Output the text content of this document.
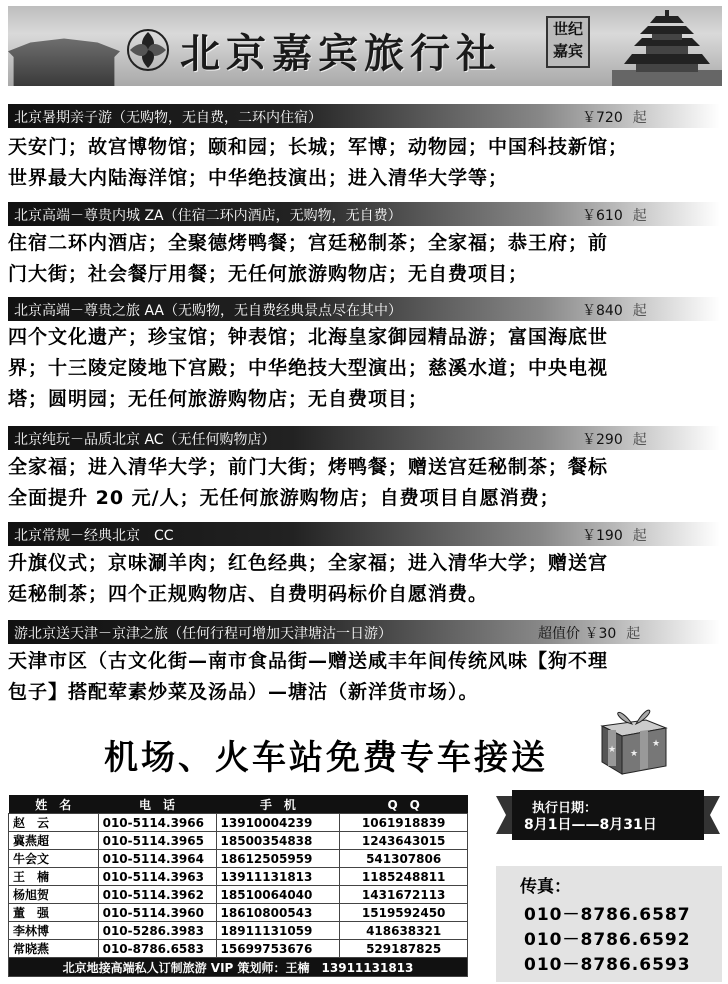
北京嘉宾旅行社
世纪
嘉宾
北京暑期亲子游（无购物，无自费，二环内住宿）	￥720 起
天安门；故宫博物馆；颐和园；长城；军博；动物园；中国科技新馆；
世界最大内陆海洋馆；中华绝技演出；进入清华大学等；
北京高端－尊贵内城 ZA（住宿二环内酒店，无购物，无自费）	￥610 起
住宿二环内酒店；全聚德烤鸭餐；宫廷秘制茶；全家福；恭王府；前
门大街；社会餐厅用餐；无任何旅游购物店；无自费项目；
北京高端－尊贵之旅 AA（无购物，无自费经典景点尽在其中）	￥840 起
四个文化遗产；珍宝馆；钟表馆；北海皇家御园精品游；富国海底世
界；十三陵定陵地下宫殿；中华绝技大型演出；慈溪水道；中央电视
塔；圆明园；无任何旅游购物店；无自费项目；
北京纯玩－品质北京 AC（无任何购物店）	￥290 起
全家福；进入清华大学；前门大街；烤鸭餐；赠送宫廷秘制茶；餐标
全面提升 20 元/人；无任何旅游购物店；自费项目自愿消费；
北京常规－经典北京　CC	￥190 起
升旗仪式；京味涮羊肉；红色经典；全家福；进入清华大学；赠送宫
廷秘制茶；四个正规购物店、自费明码标价自愿消费。
游北京送天津－京津之旅（任何行程可增加天津塘沽一日游）	超值价 ￥30 起
天津市区（古文化街—南市食品街—赠送咸丰年间传统风味【狗不理
包子】搭配荤素炒菜及汤品）—塘沽（新洋货市场）。
机场、火车站免费专车接送	★
★
★
姓　名	电　话	手　机	Q　Q
赵　云	010-5114.3966	13910004239	1061918839
冀燕超	010-5114.3965	18500354838	1243643015
牛会文	010-5114.3964	18612505959	541307806
王　楠	010-5114.3963	13911131813	1185248811
杨旭贺	010-5114.3962	18510064040	1431672113
董　强	010-5114.3960	18610800543	1519592450
李林博	010-5286.3983	18911131059	418638321
常晓燕	010-8786.6583	15699753676	529187825
北京地接高端私人订制旅游 VIP 策划师：王楠　13911131813			
执行日期：
8月1日——8月31日
传真：
010－8786.6587
010－8786.6592
010－8786.6593
